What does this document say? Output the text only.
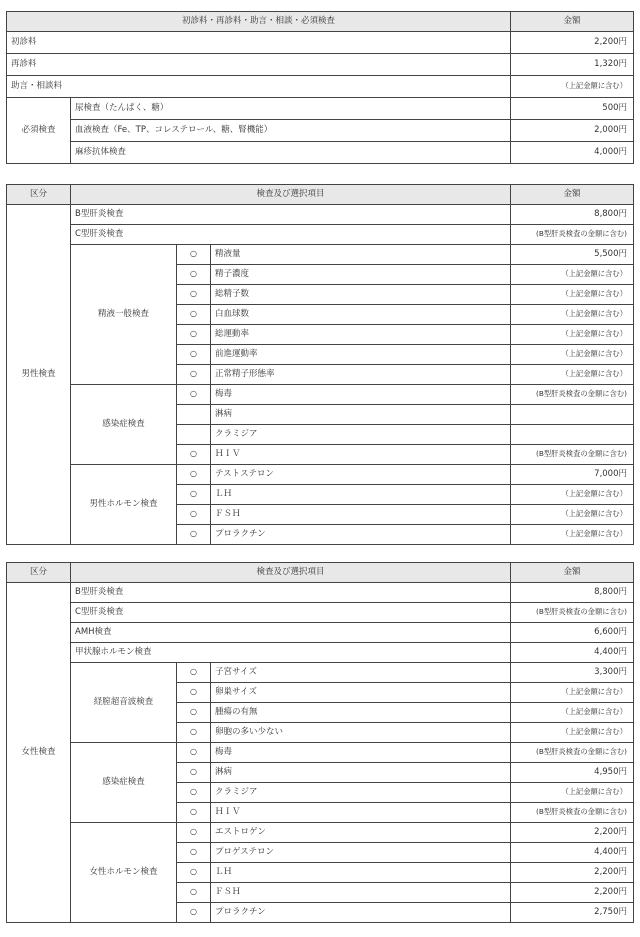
初診料・再診料・助言・相談・必須検査		金額
初診料		2,200円
再診料		1,320円
助言・相談料		（上記金額に含む）
必須検査	尿検査（たんぱく、糖）	500円
	血液検査（Fe、TP、コレステロール、糖、腎機能）	2,000円
	麻疹抗体検査	4,000円
区分	検査及び選択項目			金額
男性検査	B型肝炎検査			8,800円
	C型肝炎検査			(B型肝炎検査の金額に含む)
	精液一般検査	○	精液量	5,500円
		○	精子濃度	（上記金額に含む）
		○	総精子数	（上記金額に含む）
		○	白血球数	（上記金額に含む）
		○	総運動率	（上記金額に含む）
		○	前進運動率	（上記金額に含む）
		○	正常精子形態率	（上記金額に含む）
	感染症検査	○	梅毒	(B型肝炎検査の金額に含む)
			淋病	
			クラミジア	
		○	ＨＩＶ	(B型肝炎検査の金額に含む)
	男性ホルモン検査	○	テストステロン	7,000円
		○	ＬＨ	（上記金額に含む）
		○	ＦＳＨ	（上記金額に含む）
		○	プロラクチン	（上記金額に含む）
区分	検査及び選択項目			金額
女性検査	B型肝炎検査			8,800円
	C型肝炎検査			(B型肝炎検査の金額に含む)
	AMH検査			6,600円
	甲状腺ホルモン検査			4,400円
	経膣超音波検査	○	子宮サイズ	3,300円
		○	卵巣サイズ	（上記金額に含む）
		○	腫瘍の有無	（上記金額に含む）
		○	卵胞の多い少ない	（上記金額に含む）
	感染症検査	○	梅毒	(B型肝炎検査の金額に含む)
		○	淋病	4,950円
		○	クラミジア	（上記金額に含む）
		○	ＨＩＶ	(B型肝炎検査の金額に含む)
	女性ホルモン検査	○	エストロゲン	2,200円
		○	プロゲステロン	4,400円
		○	ＬＨ	2,200円
		○	ＦＳＨ	2,200円
		○	プロラクチン	2,750円
